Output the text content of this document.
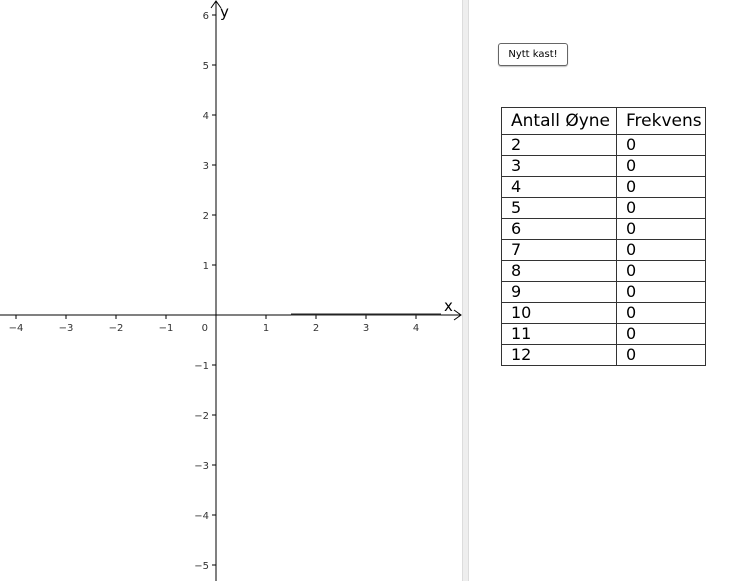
−4	−3	−2	−1	1	2	3	4
6
5
4
3
2
1
−1
−2
−3
−4
−5
0
x
y
Nytt kast!
Antall Øyne	Frekvens
2	0
3	0
4	0
5	0
6	0
7	0
8	0
9	0
10	0
11	0
12	0
